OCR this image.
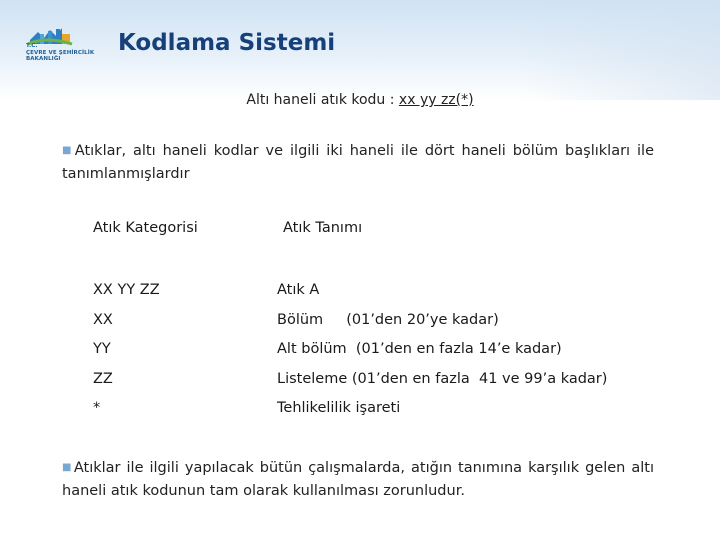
T.C.
ÇEVRE VE ŞEHİRCİLİK
BAKANLIĞI
Kodlama Sistemi
Altı haneli atık kodu : xx yy zz(*)
■Atıklar, altı haneli kodlar ve ilgili iki haneli ile dört haneli bölüm başlıkları ile tanımlanmışlardır
Atık Kategorisi	Atık Tanımı
XX YY ZZ
XX
YY
ZZ
*
Atık A
Bölüm     (01’den 20’ye kadar)
Alt bölüm  (01’den en fazla 14’e kadar)
Listeleme (01’den en fazla  41 ve 99’a kadar)
Tehlikelilik işareti
■Atıklar ile ilgili yapılacak bütün çalışmalarda, atığın tanımına karşılık gelen altı haneli atık kodunun tam olarak kullanılması zorunludur.
